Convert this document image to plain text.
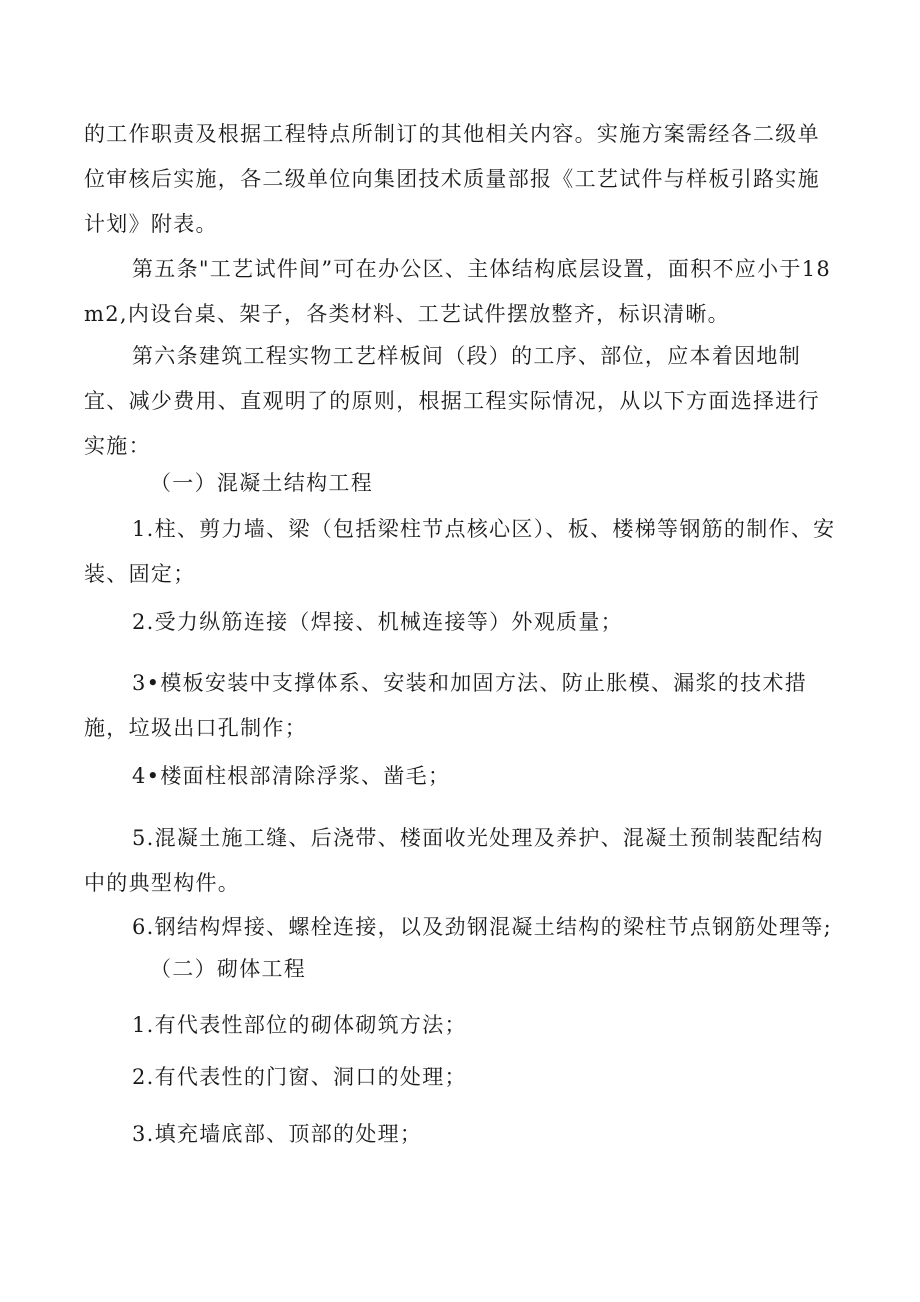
的工作职责及根据工程特点所制订的其他相关内容。实施方案需经各二级单位审核后实施，各二级单位向集团技术质量部报《工艺试件与样板引路实施计划》附表。

第五条"工艺试件间”可在办公区、主体结构底层设置，面积不应小于18m2,内设台桌、架子，各类材料、工艺试件摆放整齐，标识清晰。

第六条建筑工程实物工艺样板间（段）的工序、部位，应本着因地制宜、减少费用、直观明了的原则，根据工程实际情况，从以下方面选择进行实施：

（一）混凝土结构工程

1.柱、剪力墙、梁（包括梁柱节点核心区）、板、楼梯等钢筋的制作、安装、固定；

2.受力纵筋连接（焊接、机械连接等）外观质量；

3•模板安装中支撑体系、安装和加固方法、防止胀模、漏浆的技术措施，垃圾出口孔制作；

4•楼面柱根部清除浮浆、凿毛；

5.混凝土施工缝、后浇带、楼面收光处理及养护、混凝土预制装配结构中的典型构件。

6.钢结构焊接、螺栓连接，以及劲钢混凝土结构的梁柱节点钢筋处理等;

（二）砌体工程

1.有代表性部位的砌体砌筑方法；

2.有代表性的门窗、洞口的处理；

3.填充墙底部、顶部的处理；
